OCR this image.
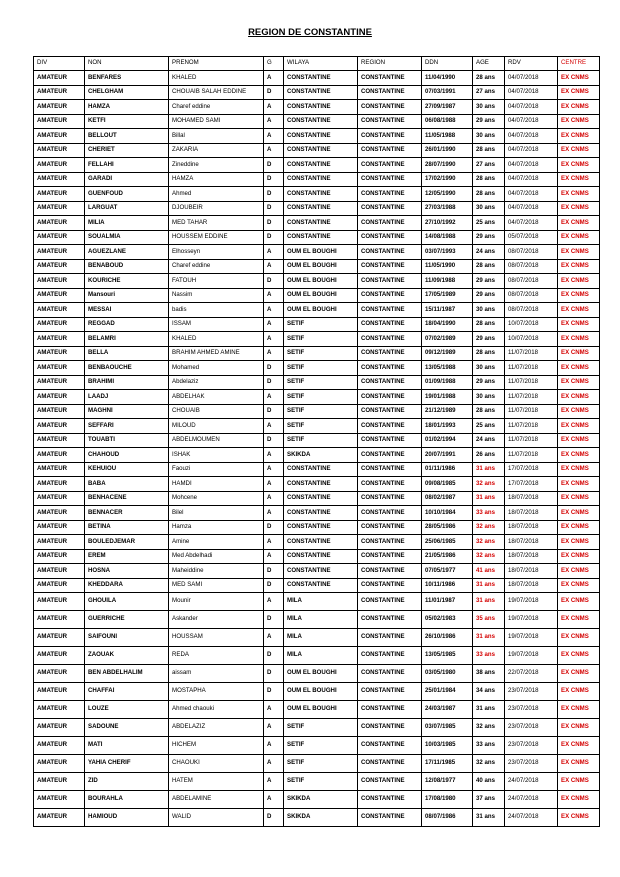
REGION DE CONSTANTINE
DIV	NON	PRENOM	G	WILAYA	REGION	DDN	AGE	RDV	CENTRE
AMATEUR	BENFARES	KHALED	A	CONSTANTINE	CONSTANTINE	11/04/1990	28 ans	04/07/2018	EX CNMS
AMATEUR	CHELGHAM	CHOUAIB SALAH EDDINE	D	CONSTANTINE	CONSTANTINE	07/03/1991	27 ans	04/07/2018	EX CNMS
AMATEUR	HAMZA	Charef eddine	A	CONSTANTINE	CONSTANTINE	27/09/1987	30 ans	04/07/2018	EX CNMS
AMATEUR	KETFI	MOHAMED SAMI	A	CONSTANTINE	CONSTANTINE	06/08/1988	29 ans	04/07/2018	EX CNMS
AMATEUR	BELLOUT	Billal	A	CONSTANTINE	CONSTANTINE	11/05/1988	30 ans	04/07/2018	EX CNMS
AMATEUR	CHERIET	ZAKARIA	A	CONSTANTINE	CONSTANTINE	26/01/1990	28 ans	04/07/2018	EX CNMS
AMATEUR	FELLAHI	Zineddine	D	CONSTANTINE	CONSTANTINE	28/07/1990	27 ans	04/07/2018	EX CNMS
AMATEUR	GARADI	HAMZA	D	CONSTANTINE	CONSTANTINE	17/02/1990	28 ans	04/07/2018	EX CNMS
AMATEUR	GUENFOUD	Ahmed	D	CONSTANTINE	CONSTANTINE	12/05/1990	28 ans	04/07/2018	EX CNMS
AMATEUR	LARGUAT	DJOUBEIR	D	CONSTANTINE	CONSTANTINE	27/03/1988	30 ans	04/07/2018	EX CNMS
AMATEUR	MILIA	MED TAHAR	D	CONSTANTINE	CONSTANTINE	27/10/1992	25 ans	04/07/2018	EX CNMS
AMATEUR	SOUALMIA	HOUSSEM EDDINE	D	CONSTANTINE	CONSTANTINE	14/08/1988	29 ans	05/07/2018	EX CNMS
AMATEUR	AGUEZLANE	Elhosseyn	A	OUM EL BOUGHI	CONSTANTINE	03/07/1993	24 ans	08/07/2018	EX CNMS
AMATEUR	BENABOUD	Charef eddine	A	OUM EL BOUGHI	CONSTANTINE	11/05/1990	28 ans	08/07/2018	EX CNMS
AMATEUR	KOURICHE	FATOUH	D	OUM EL BOUGHI	CONSTANTINE	11/09/1988	29 ans	08/07/2018	EX CNMS
AMATEUR	Mansouri	Nassim	A	OUM EL BOUGHI	CONSTANTINE	17/05/1989	29 ans	08/07/2018	EX CNMS
AMATEUR	MESSAI	badis	A	OUM EL BOUGHI	CONSTANTINE	15/11/1987	30 ans	08/07/2018	EX CNMS
AMATEUR	REGGAD	ISSAM	A	SETIF	CONSTANTINE	18/04/1990	28 ans	10/07/2018	EX CNMS
AMATEUR	BELAMRI	KHALED	A	SETIF	CONSTANTINE	07/02/1989	29 ans	10/07/2018	EX CNMS
AMATEUR	BELLA	BRAHIM AHMED AMINE	A	SETIF	CONSTANTINE	09/12/1989	28 ans	11/07/2018	EX CNMS
AMATEUR	BENBAOUCHE	Mohamed	D	SETIF	CONSTANTINE	13/05/1988	30 ans	11/07/2018	EX CNMS
AMATEUR	BRAHIMI	Abdelaziz	D	SETIF	CONSTANTINE	01/09/1988	29 ans	11/07/2018	EX CNMS
AMATEUR	LAADJ	ABDELHAK	A	SETIF	CONSTANTINE	19/01/1988	30 ans	11/07/2018	EX CNMS
AMATEUR	MAGHNI	CHOUAIB	D	SETIF	CONSTANTINE	21/12/1989	28 ans	11/07/2018	EX CNMS
AMATEUR	SEFFARI	MILOUD	A	SETIF	CONSTANTINE	18/01/1993	25 ans	11/07/2018	EX CNMS
AMATEUR	TOUABTI	ABDELMOUMEN	D	SETIF	CONSTANTINE	01/02/1994	24 ans	11/07/2018	EX CNMS
AMATEUR	CHAHOUD	ISHAK	A	SKIKDA	CONSTANTINE	20/07/1991	26 ans	11/07/2018	EX CNMS
AMATEUR	KEHUIOU	Faouzi	A	CONSTANTINE	CONSTANTINE	01/11/1986	31 ans	17/07/2018	EX CNMS
AMATEUR	BABA	HAMDI	A	CONSTANTINE	CONSTANTINE	09/08/1985	32 ans	17/07/2018	EX CNMS
AMATEUR	BENHACENE	Mohcene	A	CONSTANTINE	CONSTANTINE	08/02/1987	31 ans	18/07/2018	EX CNMS
AMATEUR	BENNACER	Bilel	A	CONSTANTINE	CONSTANTINE	10/10/1984	33 ans	18/07/2018	EX CNMS
AMATEUR	BETINA	Hamza	D	CONSTANTINE	CONSTANTINE	28/05/1986	32 ans	18/07/2018	EX CNMS
AMATEUR	BOULEDJEMAR	Amine	A	CONSTANTINE	CONSTANTINE	25/06/1985	32 ans	18/07/2018	EX CNMS
AMATEUR	EREM	Med Abdelhadi	A	CONSTANTINE	CONSTANTINE	21/05/1986	32 ans	18/07/2018	EX CNMS
AMATEUR	HOSNA	Maheiddine	D	CONSTANTINE	CONSTANTINE	07/05/1977	41 ans	18/07/2018	EX CNMS
AMATEUR	KHEDDARA	MED SAMI	D	CONSTANTINE	CONSTANTINE	10/11/1986	31 ans	18/07/2018	EX CNMS
AMATEUR	GHOUILA	Mounir	A	MILA	CONSTANTINE	11/01/1987	31 ans	19/07/2018	EX CNMS
AMATEUR	GUERRICHE	Askander	D	MILA	CONSTANTINE	05/02/1983	35 ans	19/07/2018	EX CNMS
AMATEUR	SAIFOUNI	HOUSSAM	A	MILA	CONSTANTINE	26/10/1986	31 ans	19/07/2018	EX CNMS
AMATEUR	ZAOUAK	REDA	D	MILA	CONSTANTINE	13/05/1985	33 ans	19/07/2018	EX CNMS
AMATEUR	BEN ABDELHALIM	aissam	D	OUM EL BOUGHI	CONSTANTINE	03/05/1980	38 ans	22/07/2018	EX CNMS
AMATEUR	CHAFFAI	MOSTAPHA	D	OUM EL BOUGHI	CONSTANTINE	25/01/1984	34 ans	23/07/2018	EX CNMS
AMATEUR	LOUZE	Ahmed chaouki	A	OUM EL BOUGHI	CONSTANTINE	24/03/1987	31 ans	23/07/2018	EX CNMS
AMATEUR	SADOUNE	ABDELAZIZ	A	SETIF	CONSTANTINE	03/07/1985	32 ans	23/07/2018	EX CNMS
AMATEUR	MATI	HICHEM	A	SETIF	CONSTANTINE	10/03/1985	33 ans	23/07/2018	EX CNMS
AMATEUR	YAHIA CHERIF	CHAOUKI	A	SETIF	CONSTANTINE	17/11/1985	32 ans	23/07/2018	EX CNMS
AMATEUR	ZID	HATEM	A	SETIF	CONSTANTINE	12/08/1977	40 ans	24/07/2018	EX CNMS
AMATEUR	BOURAHLA	ABDELAMINE	A	SKIKDA	CONSTANTINE	17/08/1980	37 ans	24/07/2018	EX CNMS
AMATEUR	HAMIOUD	WALID	D	SKIKDA	CONSTANTINE	08/07/1986	31 ans	24/07/2018	EX CNMS
